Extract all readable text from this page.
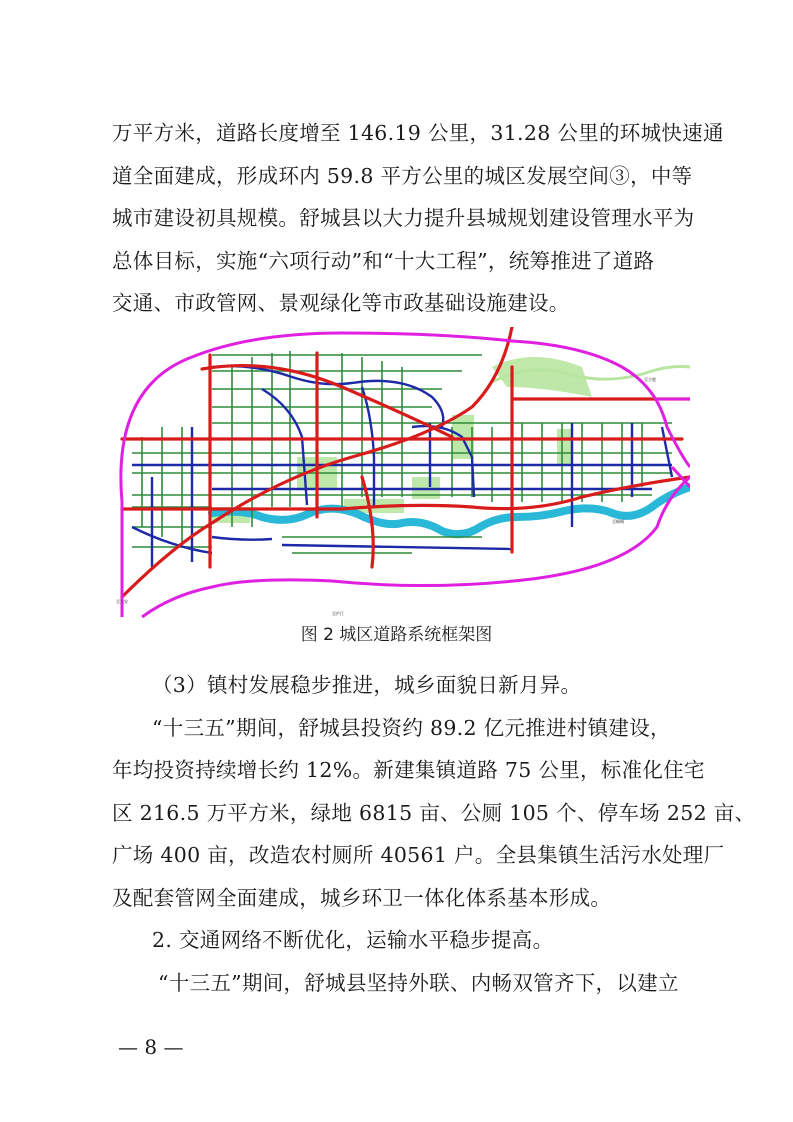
万平方米，道路长度增至 146.19 公里，31.28 公里的环城快速通
道全面建成，形成环内 59.8 平方公里的城区发展空间③，中等
城市建设初具规模。舒城县以大力提升县城规划建设管理水平为
总体目标，实施“六项行动”和“十大工程”，统筹推进了道路
交通、市政管网、景观绿化等市政基础设施建设。
至六安
至庐江
至合肥
至桐城
图 2 城区道路系统框架图
（3）镇村发展稳步推进，城乡面貌日新月异。
“十三五”期间，舒城县投资约 89.2 亿元推进村镇建设，
年均投资持续增长约 12%。新建集镇道路 75 公里，标准化住宅
区 216.5 万平方米，绿地 6815 亩、公厕 105 个、停车场 252 亩、
广场 400 亩，改造农村厕所 40561 户。全县集镇生活污水处理厂
及配套管网全面建成，城乡环卫一体化体系基本形成。
2. 交通网络不断优化，运输水平稳步提高。
“十三五”期间，舒城县坚持外联、内畅双管齐下，以建立
— 8 —
